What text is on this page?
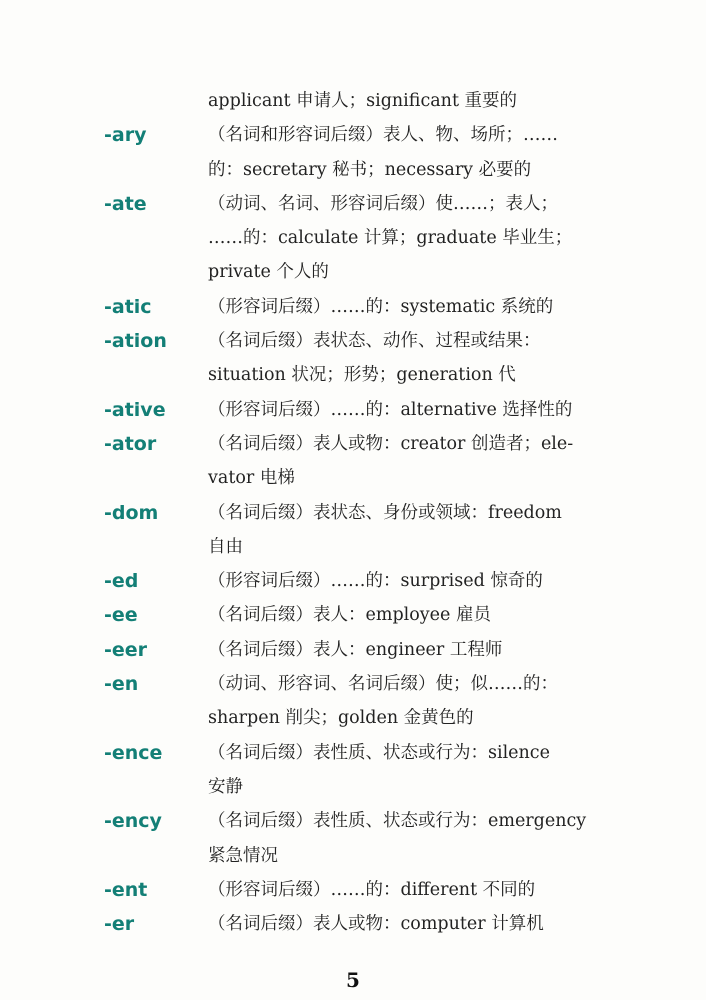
applicant 申请人；significant 重要的
-ary	（名词和形容词后缀）表人、物、场所；……
的：secretary 秘书；necessary 必要的
-ate	（动词、名词、形容词后缀）使……；表人；
……的：calculate 计算；graduate 毕业生；
private 个人的
-atic	（形容词后缀）……的：systematic 系统的
-ation （名词后缀）表状态、动作、过程或结果：
situation 状况；形势；generation 代
-ative （形容词后缀）……的：alternative 选择性的
-ator	（名词后缀）表人或物：creator 创造者；ele-
vator 电梯
-dom	（名词后缀）表状态、身份或领域：freedom
自由
-ed	（形容词后缀）……的：surprised 惊奇的
-ee	（名词后缀）表人：employee 雇员
-eer	（名词后缀）表人：engineer 工程师
-en	（动词、形容词、名词后缀）使；似……的：
sharpen 削尖；golden 金黄色的
-ence	（名词后缀）表性质、状态或行为：silence
安静
-ency	（名词后缀）表性质、状态或行为：emergency
紧急情况
-ent	（形容词后缀）……的：different 不同的
-er	（名词后缀）表人或物：computer 计算机
5
